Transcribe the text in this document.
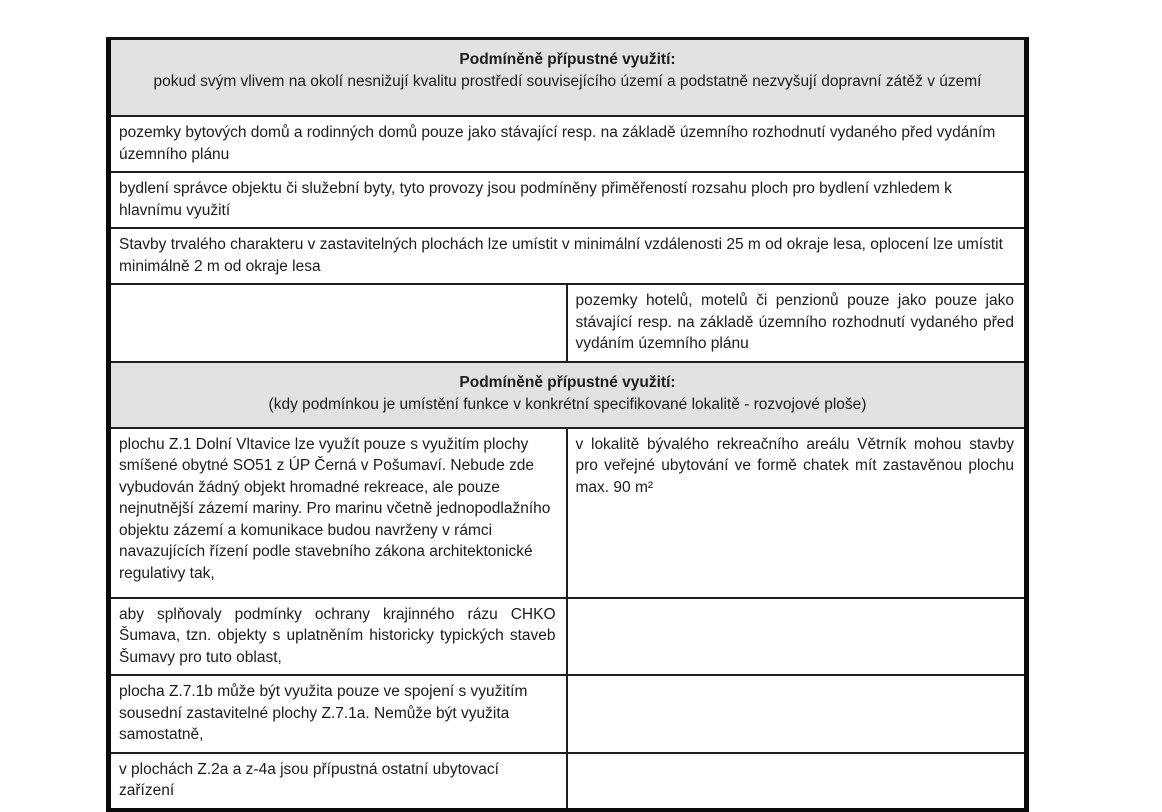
Podmíněně přípustné využití:
pokud svým vlivem na okolí nesnižují kvalitu prostředí souvisejícího území a podstatně nezvyšují dopravní zátěž v území
pozemky bytových domů a rodinných domů pouze jako stávající resp. na základě územního rozhodnutí vydaného před vydáním územního plánu
bydlení správce objektu či služební byty, tyto provozy jsou podmíněny přiměřeností rozsahu ploch pro bydlení vzhledem k hlavnímu využití
Stavby trvalého charakteru v zastavitelných plochách lze umístit v minimální vzdálenosti 25 m od okraje lesa, oplocení lze umístit minimálně 2 m od okraje lesa
pozemky hotelů, motelů či penzionů pouze jako pouze jako stávající resp. na základě územního rozhodnutí vydaného před vydáním územního plánu
Podmíněně přípustné využití:
(kdy podmínkou je umístění funkce v konkrétní specifikované lokalitě - rozvojové ploše)
plochu Z.1 Dolní Vltavice lze využít pouze s využitím plochy smíšené obytné SO51 z ÚP Černá v Pošumaví. Nebude zde vybudován žádný objekt hromadné rekreace, ale pouze nejnutnější zázemí mariny. Pro marinu včetně jednopodlažního objektu zázemí a komunikace budou navrženy v rámci navazujících řízení podle stavebního zákona architektonické regulativy tak,
v lokalitě bývalého rekreačního areálu Větrník mohou stavby pro veřejné ubytování ve formě chatek mít zastavěnou plochu max. 90 m²
aby splňovaly podmínky ochrany krajinného rázu CHKO Šumava, tzn. objekty s uplatněním historicky typických staveb Šumavy pro tuto oblast,
plocha Z.7.1b může být využita pouze ve spojení s využitím sousední zastavitelné plochy Z.7.1a. Nemůže být využita samostatně,
v plochách Z.2a a z-4a jsou přípustná ostatní ubytovací zařízení
